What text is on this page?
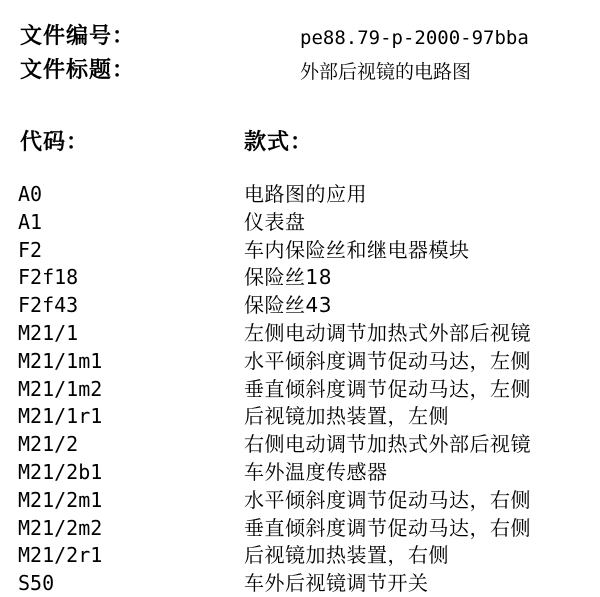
文件编号：	pe88.79-p-2000-97bba
文件标题：	外部后视镜的电路图
代码：	款式：
A0	电路图的应用
A1	仪表盘
F2	车内保险丝和继电器模块
F2f18	保险丝18
F2f43	保险丝43
M21/1	左侧电动调节加热式外部后视镜
M21/1m1	水平倾斜度调节促动马达，左侧
M21/1m2	垂直倾斜度调节促动马达，左侧
M21/1r1	后视镜加热装置，左侧
M21/2	右侧电动调节加热式外部后视镜
M21/2b1	车外温度传感器
M21/2m1	水平倾斜度调节促动马达，右侧
M21/2m2	垂直倾斜度调节促动马达，右侧
M21/2r1	后视镜加热装置，右侧
S50	车外后视镜调节开关
